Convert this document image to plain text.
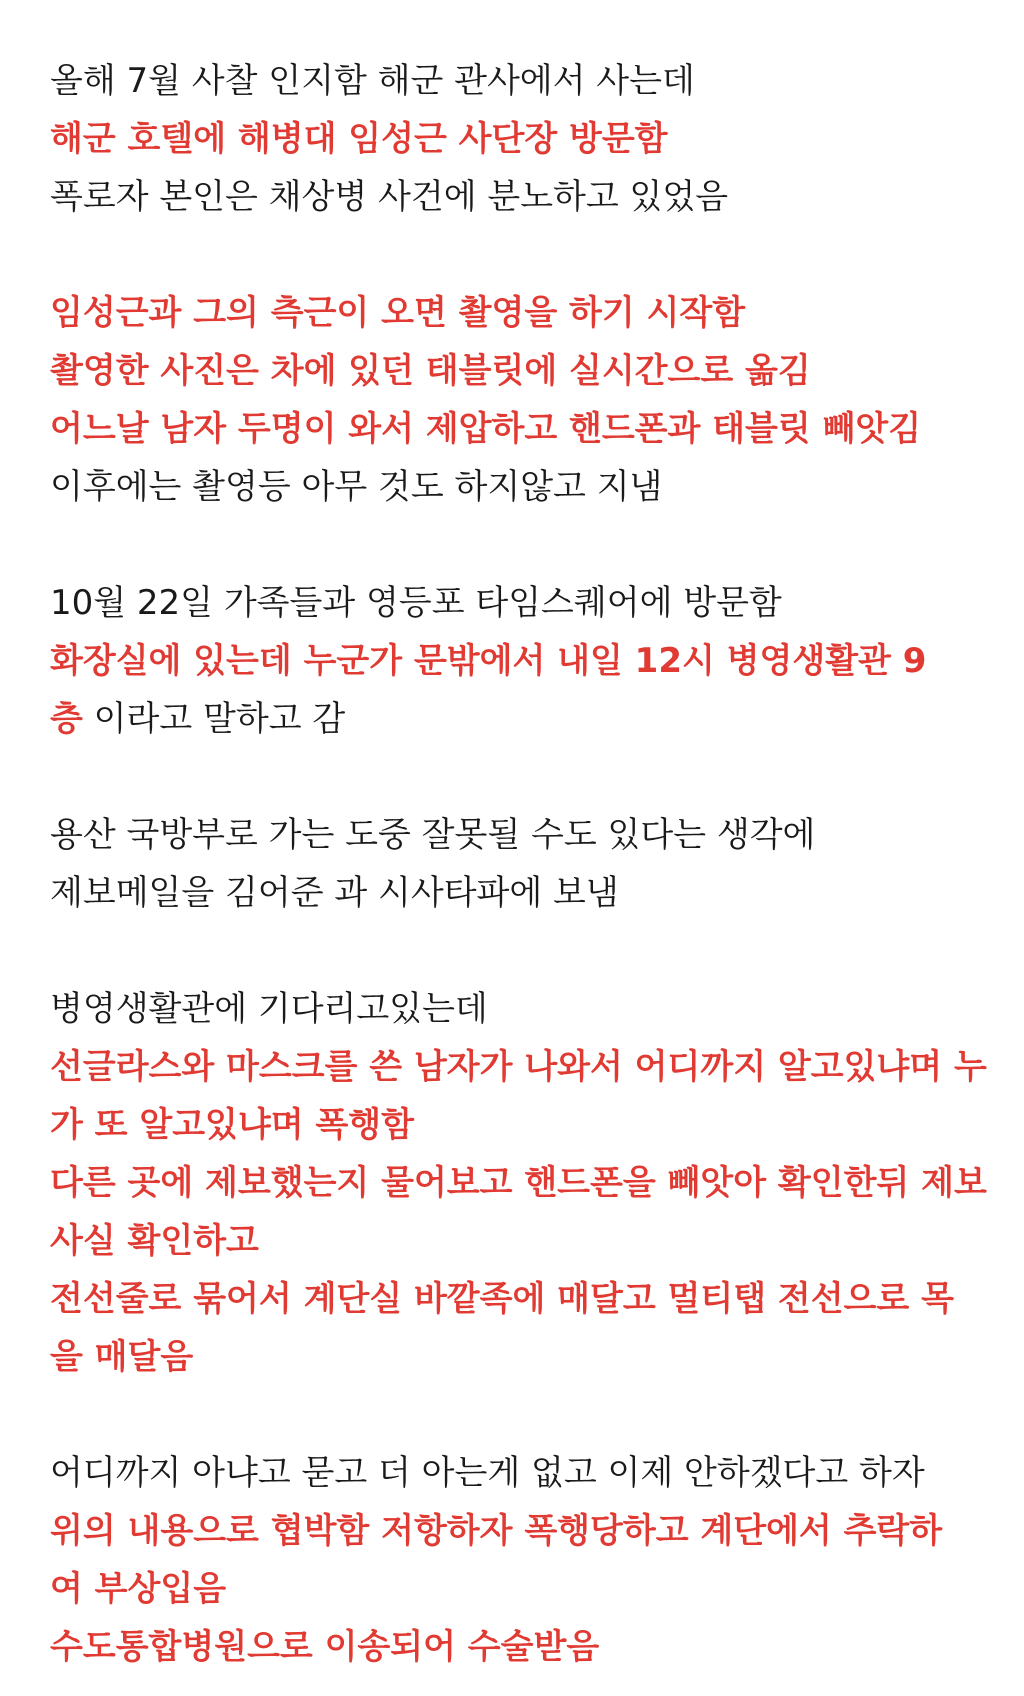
올해 7월 사찰 인지함 해군 관사에서 사는데
해군 호텔에 해병대 임성근 사단장 방문함
폭로자 본인은 채상병 사건에 분노하고 있었음
임성근과 그의 측근이 오면 촬영을 하기 시작함
촬영한 사진은 차에 있던 태블릿에 실시간으로 옮김
어느날 남자 두명이 와서 제압하고 핸드폰과 태블릿 빼앗김
이후에는 촬영등 아무 것도 하지않고 지냄
10월 22일 가족들과 영등포 타임스퀘어에 방문함
화장실에 있는데 누군가 문밖에서 내일 12시 병영생활관 9
층 이라고 말하고 감
용산 국방부로 가는 도중 잘못될 수도 있다는 생각에
제보메일을 김어준 과 시사타파에 보냄
병영생활관에 기다리고있는데
선글라스와 마스크를 쓴 남자가 나와서 어디까지 알고있냐며 누
가 또 알고있냐며 폭행함
다른 곳에 제보했는지 물어보고 핸드폰을 빼앗아 확인한뒤 제보
사실 확인하고
전선줄로 묶어서 계단실 바깥족에 매달고 멀티탭 전선으로 목
을 매달음
어디까지 아냐고 묻고 더 아는게 없고 이제 안하겠다고 하자
위의 내용으로 협박함 저항하자 폭행당하고 계단에서 추락하
여 부상입음
수도통합병원으로 이송되어 수술받음
